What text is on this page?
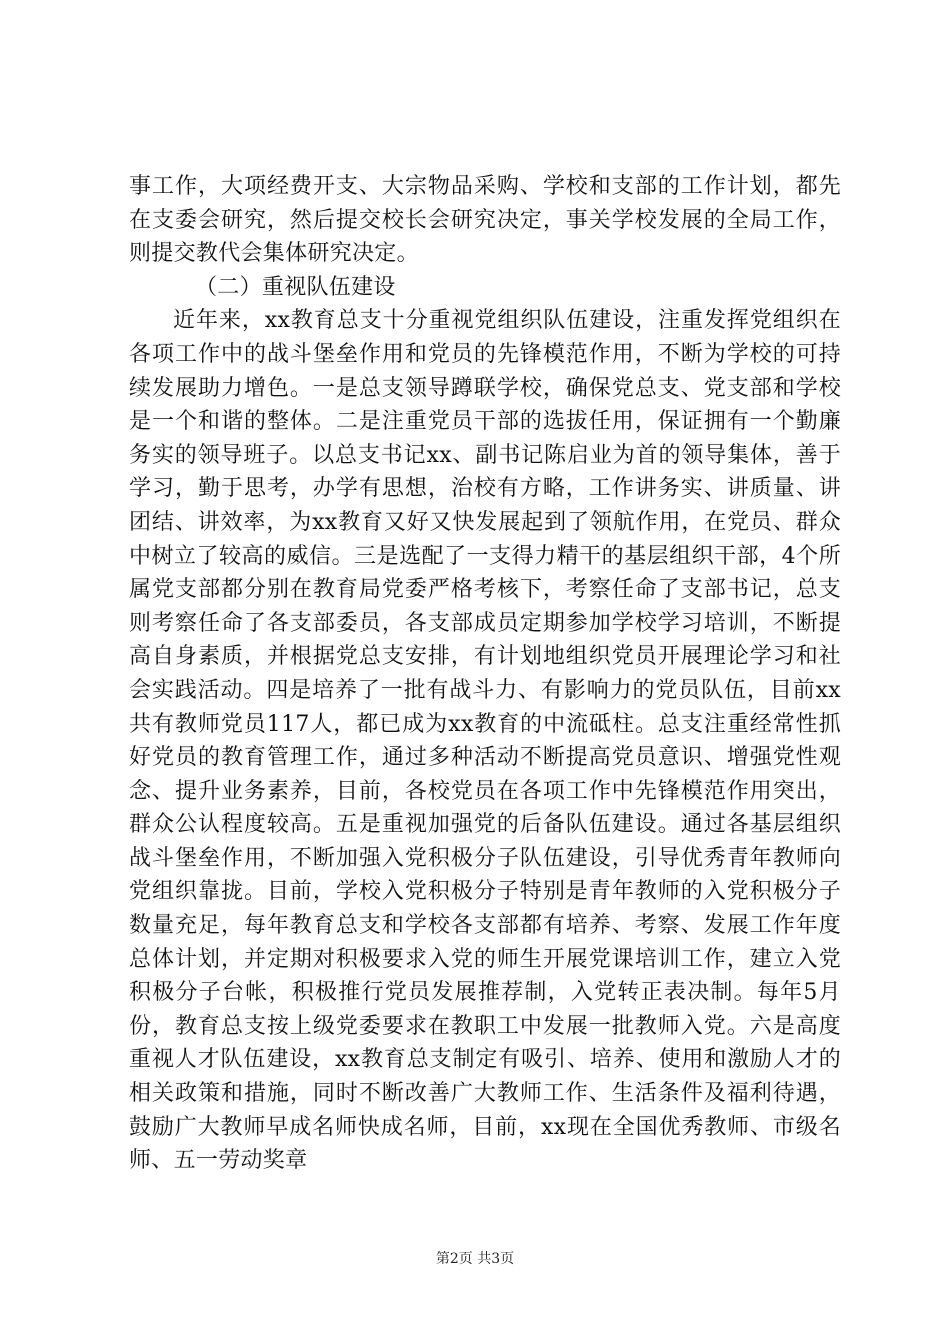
事工作，大项经费开支、大宗物品采购、学校和支部的工作计划，都先在支委会研究，然后提交校长会研究决定，事关学校发展的全局工作，则提交教代会集体研究决定。

（二）重视队伍建设

近年来，xx教育总支十分重视党组织队伍建设，注重发挥党组织在各项工作中的战斗堡垒作用和党员的先锋模范作用，不断为学校的可持续发展助力增色。一是总支领导蹲联学校，确保党总支、党支部和学校是一个和谐的整体。二是注重党员干部的选拔任用，保证拥有一个勤廉务实的领导班子。以总支书记xx、副书记陈启业为首的领导集体，善于学习，勤于思考，办学有思想，治校有方略，工作讲务实、讲质量、讲团结、讲效率，为xx教育又好又快发展起到了领航作用，在党员、群众中树立了较高的威信。三是选配了一支得力精干的基层组织干部，4个所属党支部都分别在教育局党委严格考核下，考察任命了支部书记，总支则考察任命了各支部委员，各支部成员定期参加学校学习培训，不断提高自身素质，并根据党总支安排，有计划地组织党员开展理论学习和社会实践活动。四是培养了一批有战斗力、有影响力的党员队伍，目前xx共有教师党员117人，都已成为xx教育的中流砥柱。总支注重经常性抓好党员的教育管理工作，通过多种活动不断提高党员意识、增强党性观念、提升业务素养，目前，各校党员在各项工作中先锋模范作用突出，群众公认程度较高。五是重视加强党的后备队伍建设。通过各基层组织战斗堡垒作用，不断加强入党积极分子队伍建设，引导优秀青年教师向党组织靠拢。目前，学校入党积极分子特别是青年教师的入党积极分子数量充足，每年教育总支和学校各支部都有培养、考察、发展工作年度总体计划，并定期对积极要求入党的师生开展党课培训工作，建立入党积极分子台帐，积极推行党员发展推荐制，入党转正表决制。每年5月份，教育总支按上级党委要求在教职工中发展一批教师入党。六是高度重视人才队伍建设，xx教育总支制定有吸引、培养、使用和激励人才的相关政策和措施，同时不断改善广大教师工作、生活条件及福利待遇，鼓励广大教师早成名师快成名师，目前，xx现在全国优秀教师、市级名师、五一劳动奖章

第2页 共3页
